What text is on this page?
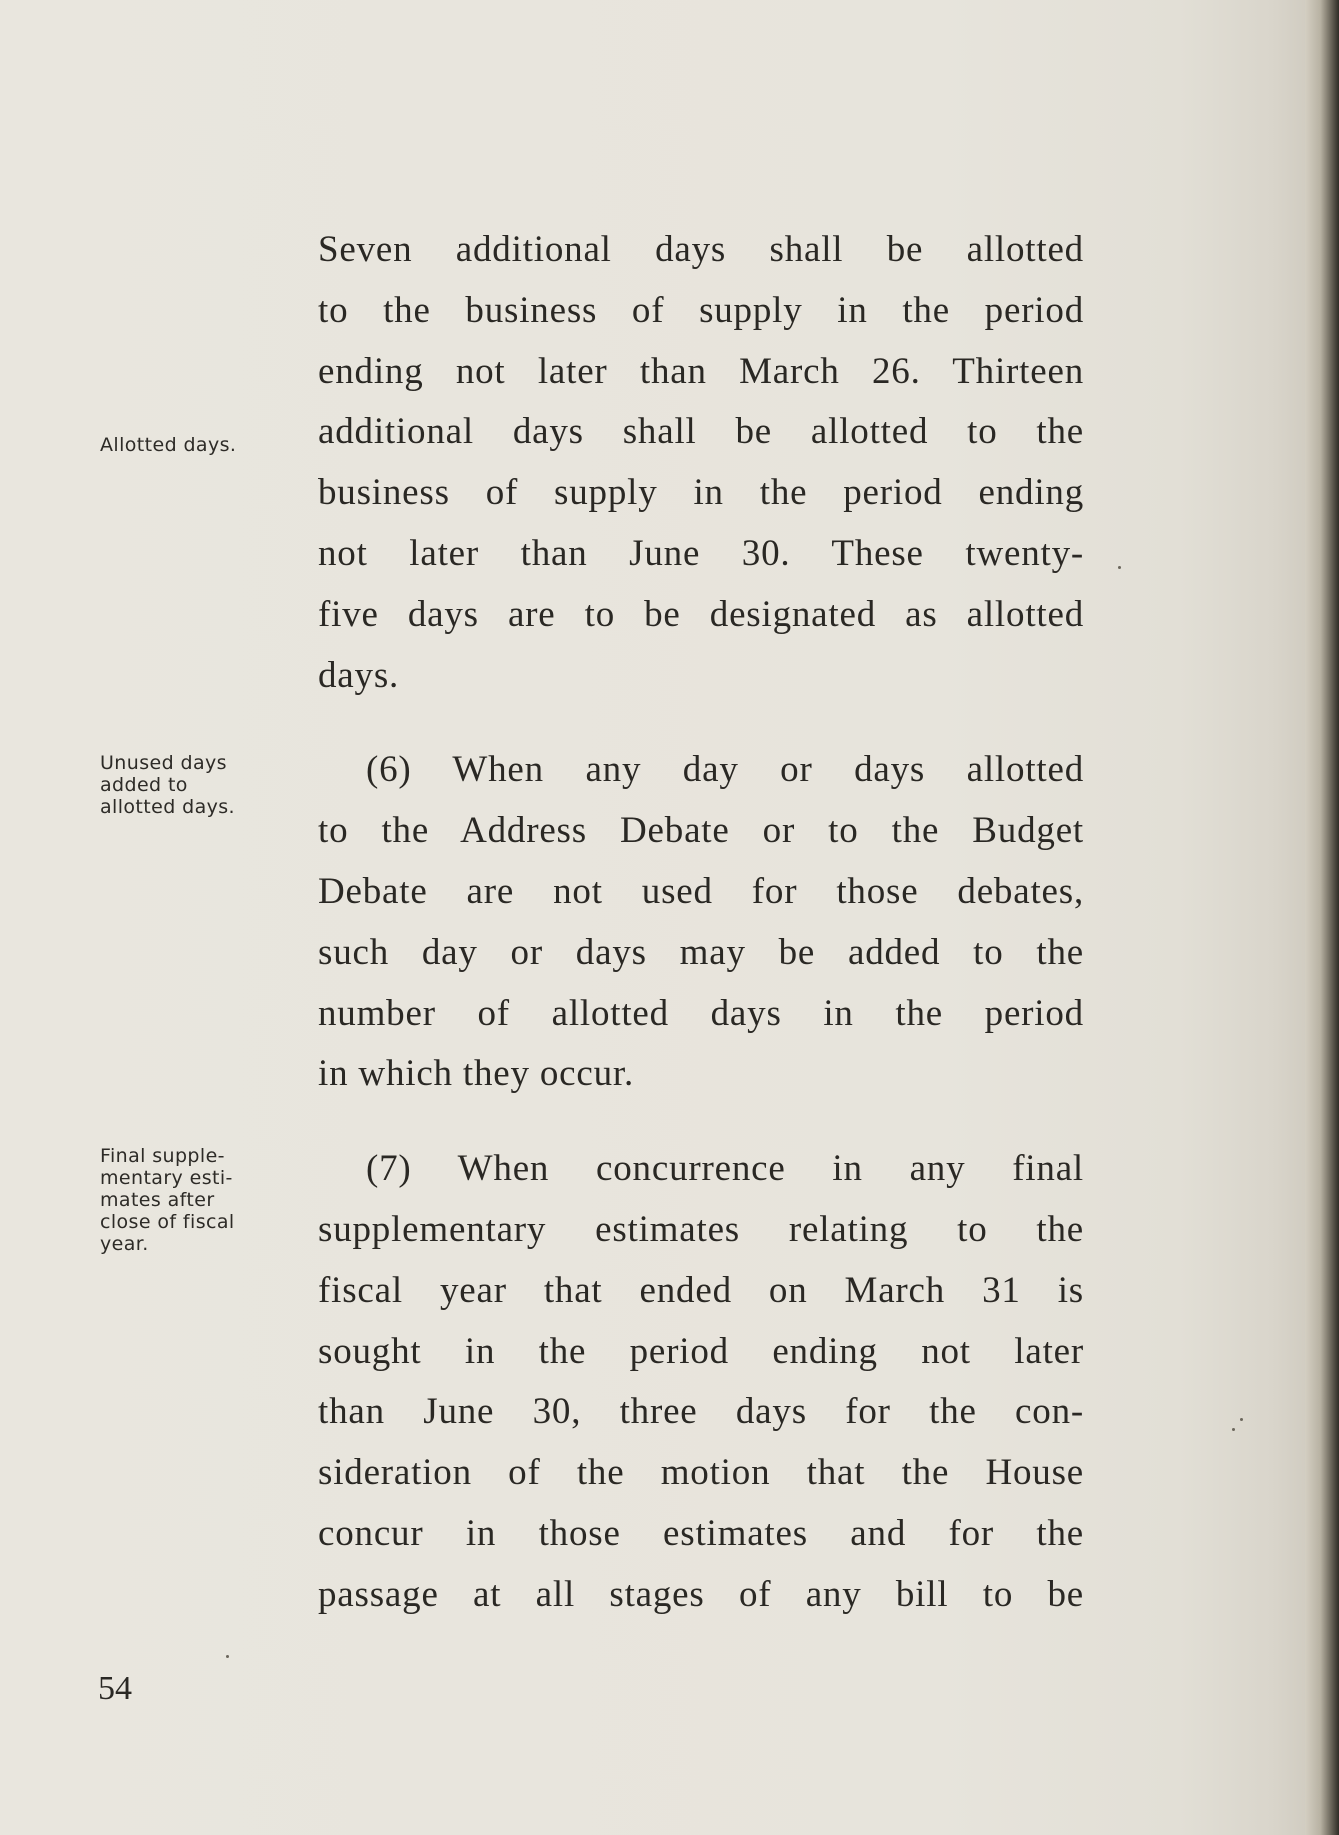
Allotted days.
Unused days
added to
allotted days.
Final supple-
mentary esti-
mates after
close of fiscal
year.
Seven additional days shall be allotted
to the business of supply in the period
ending not later than March 26. Thirteen
additional days shall be allotted to the
business of supply in the period ending
not later than June 30. These twenty-
five days are to be designated as allotted
days.
(6) When any day or days allotted
to the Address Debate or to the Budget
Debate are not used for those debates,
such day or days may be added to the
number of allotted days in the period
in which they occur.
(7) When concurrence in any final
supplementary estimates relating to the
fiscal year that ended on March 31 is
sought in the period ending not later
than June 30, three days for the con-
sideration of the motion that the House
concur in those estimates and for the
passage at all stages of any bill to be
54
